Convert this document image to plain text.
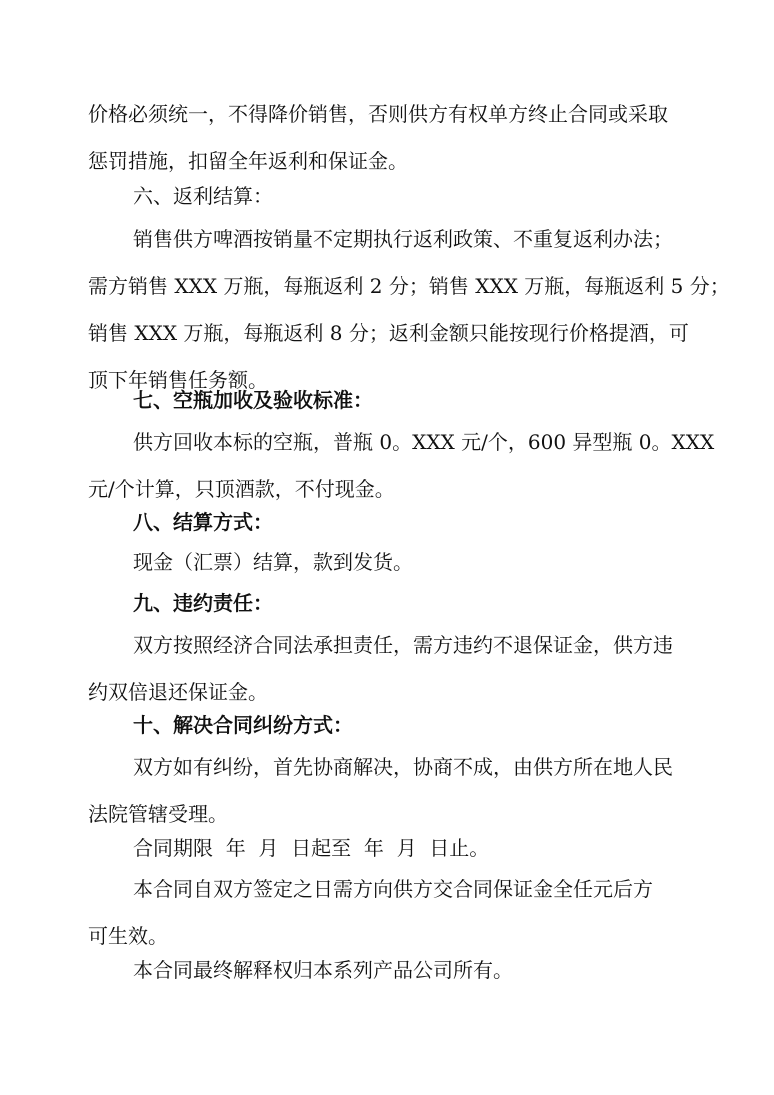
价格必须统一，不得降价销售，否则供方有权单方终止合同或采取
惩罚措施，扣留全年返利和保证金。
六、返利结算：
销售供方啤酒按销量不定期执行返利政策、不重复返利办法；
需方销售 XXX 万瓶，每瓶返利 2 分；销售 XXX 万瓶，每瓶返利 5 分；
销售 XXX 万瓶，每瓶返利 8 分；返利金额只能按现行价格提酒，可
顶下年销售任务额。
七、空瓶加收及验收标准：
供方回收本标的空瓶，普瓶 0。XXX 元/个，600 异型瓶 0。XXX
元/个计算，只顶酒款，不付现金。
八、结算方式：
现金（汇票）结算，款到发货。
九、违约责任：
双方按照经济合同法承担责任，需方违约不退保证金，供方违
约双倍退还保证金。
十、解决合同纠纷方式：
双方如有纠纷，首先协商解决，协商不成，由供方所在地人民
法院管辖受理。
合同期限  年  月  日起至  年  月  日止。
本合同自双方签定之日需方向供方交合同保证金全任元后方
可生效。
本合同最终解释权归本系列产品公司所有。
